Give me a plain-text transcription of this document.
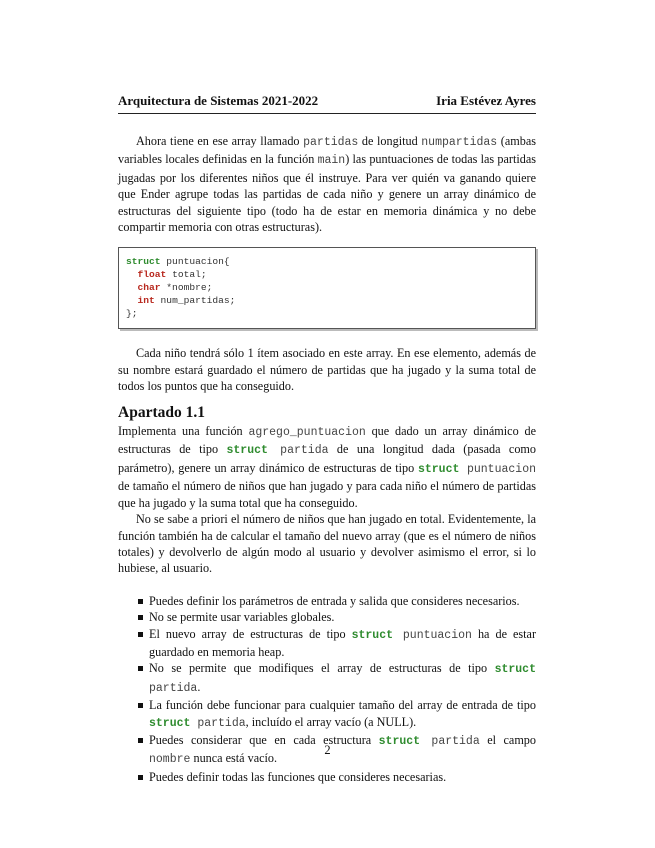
Arquitectura de Sistemas 2021-2022	Iria Estévez Ayres

Ahora tiene en ese array llamado partidas de longitud numpartidas (ambas variables locales definidas en la función main) las puntuaciones de todas las partidas jugadas por los diferentes niños que él instruye. Para ver quién va ganando quiere que Ender agrupe todas las partidas de cada niño y genere un array dinámico de estructuras del siguiente tipo (todo ha de estar en memoria dinámica y no debe compartir memoria con otras estructuras).

struct puntuacion{
float total;
char *nombre;
int num_partidas;
};

Cada niño tendrá sólo 1 ítem asociado en este array. En ese elemento, además de su nombre estará guardado el número de partidas que ha jugado y la suma total de todos los puntos que ha conseguido.

Apartado 1.1

Implementa una función agrego_puntuacion que dado un array dinámico de estructuras de tipo struct partida de una longitud dada (pasada como parámetro), genere un array dinámico de estructuras de tipo struct puntuacion de tamaño el número de niños que han jugado y para cada niño el número de partidas que ha jugado y la suma total que ha conseguido.

No se sabe a priori el número de niños que han jugado en total. Evidentemente, la función también ha de calcular el tamaño del nuevo array (que es el número de niños totales) y devolverlo de algún modo al usuario y devolver asimismo el error, si lo hubiese, al usuario.

Puedes definir los parámetros de entrada y salida que consideres necesarios.
No se permite usar variables globales.
El nuevo array de estructuras de tipo struct puntuacion ha de estar guardado en memoria heap.
No se permite que modifiques el array de estructuras de tipo struct partida.
La función debe funcionar para cualquier tamaño del array de entrada de tipo struct partida, incluído el array vacío (a NULL).
Puedes considerar que en cada estructura struct partida el campo nombre nunca está vacío.
Puedes definir todas las funciones que consideres necesarias.
2
